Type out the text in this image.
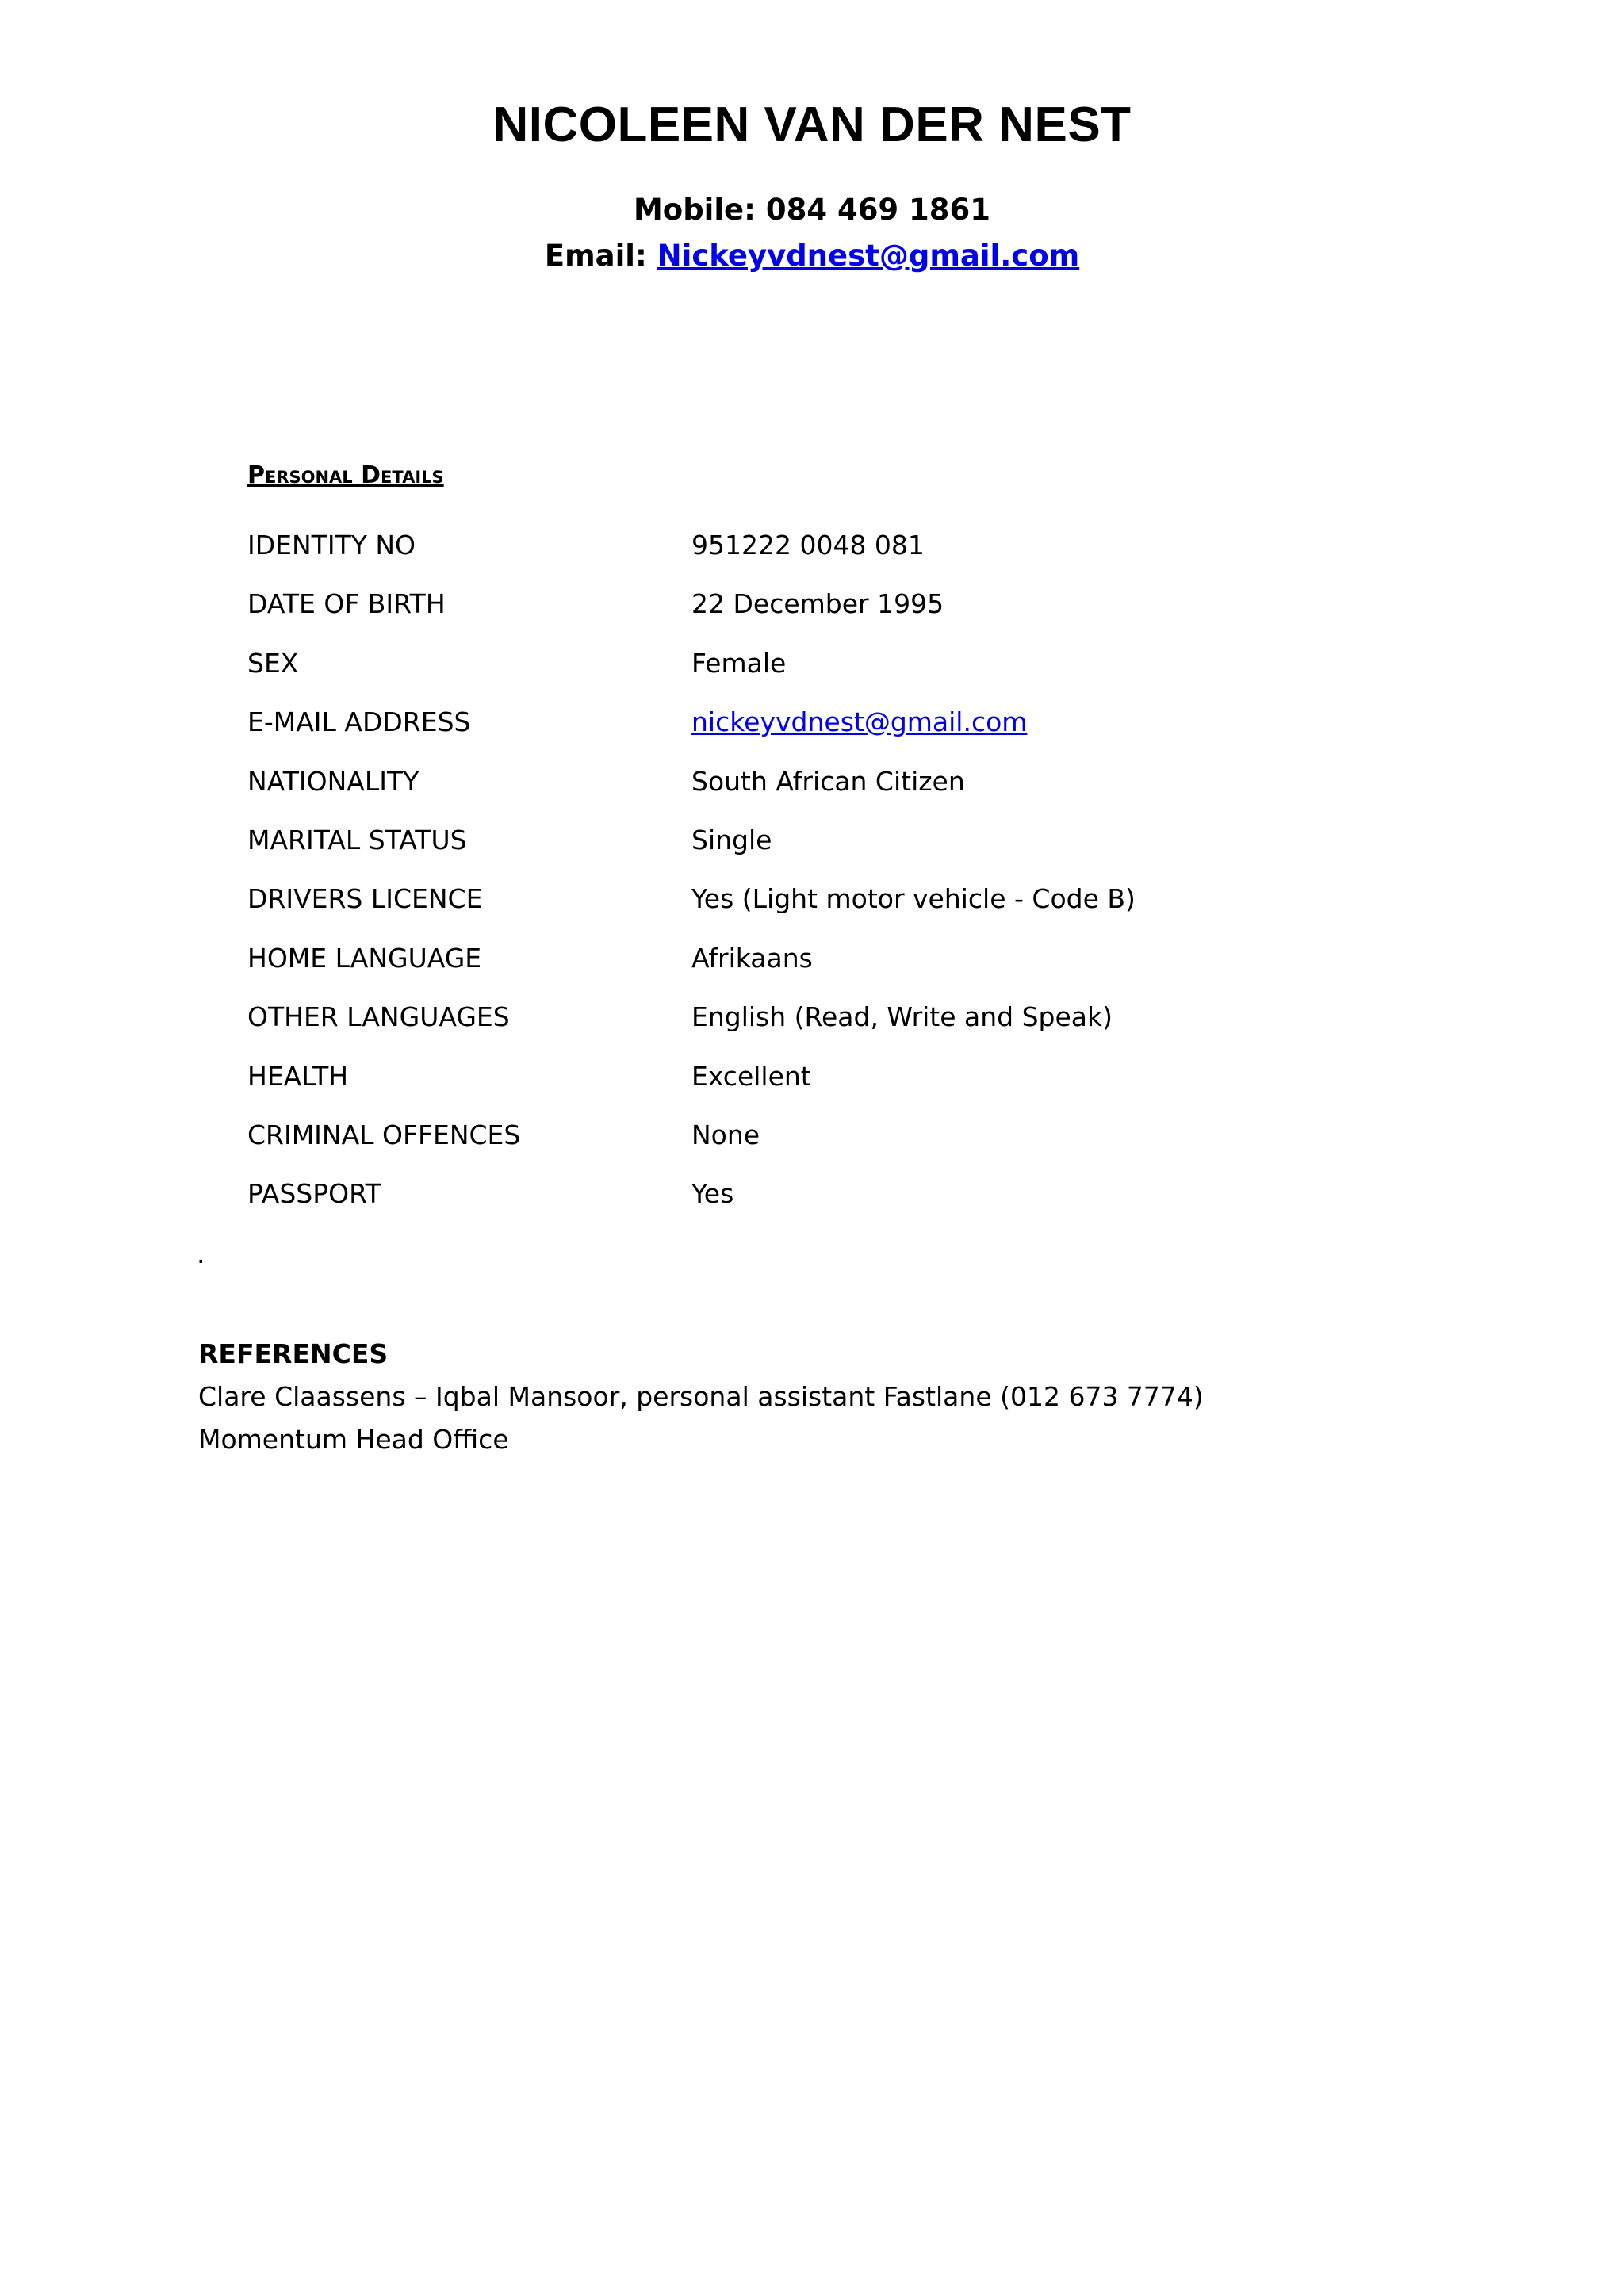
NICOLEEN VAN DER NEST
Mobile: 084 469 1861
Email: Nickeyvdnest@gmail.com
Personal Details
IDENTITY NO	951222 0048 081
DATE OF BIRTH	22 December 1995
SEX	Female
E-MAIL ADDRESS	nickeyvdnest@gmail.com
NATIONALITY	South African Citizen
MARITAL STATUS	Single
DRIVERS LICENCE	Yes (Light motor vehicle - Code B)
HOME LANGUAGE	Afrikaans
OTHER LANGUAGES	English (Read, Write and Speak)
HEALTH	Excellent
CRIMINAL OFFENCES	None
PASSPORT	Yes
.
REFERENCES
Clare Claassens – Iqbal Mansoor, personal assistant Fastlane (012 673 7774)
Momentum Head Office
